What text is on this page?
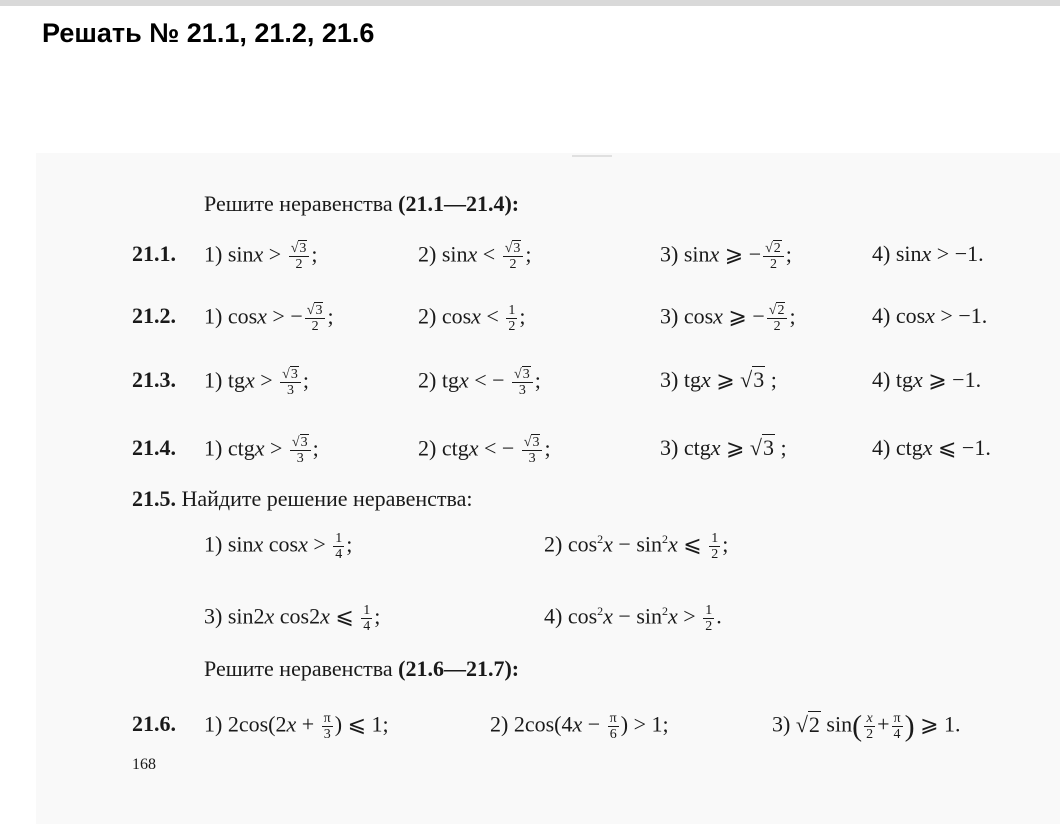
Решать № 21.1, 21.2, 21.6
Решите неравенства (21.1—21.4):
21.1. 1) $\sin x > \frac{√3}{2}$ ;	2) $\sin x < \frac{√3}{2}$ ;	3) sinx ⩾ − $\frac{√2}{2}$ ;	4) sinx > −1.
21.2. 1) cosx > − $\frac{√3}{2}$ ;	2) $\cos x < \frac{1}{2}$ ;	3) cosx ⩾ − $\frac{√2}{2}$ ;	4) cosx > −1.
21.3. 1) tgx > $\frac{√3}{3}$ ;	2) tgx < − $\frac{√3}{3}$ ;	3) tgx ⩾ √3 ;	4) tgx ⩾ −1.
21.4. 1) ctgx > $\frac{√3}{3}$ ;	2) ctgx < − $\frac{√3}{3}$ ;	3) ctgx ⩾ √3 ;	4) ctgx ⩽ −1.
21.5. Найдите решение неравенства:
1) sinx $\cos x > \frac{1}{4}$ ;	2) $\cos^2x - \sin^2x$ ⩽ $\frac{1}{2}$ ;
3) sin2x cos2x ⩽ $\frac{1}{4}$ ;	4) $\cos^2x - \sin^2x > \frac{1}{2}$ .
Решите неравенства (21.6—21.7):
21.6. 1) $2\cos(2x + \frac{\pi}{3}$ ) ⩽ 1;	2) $2\cos(4x - \frac{\pi}{6}$ ) > 1;	3) √2 $\sin( \frac{x}{2} + \frac{\pi}{4}$ ) ⩾ 1.
168
